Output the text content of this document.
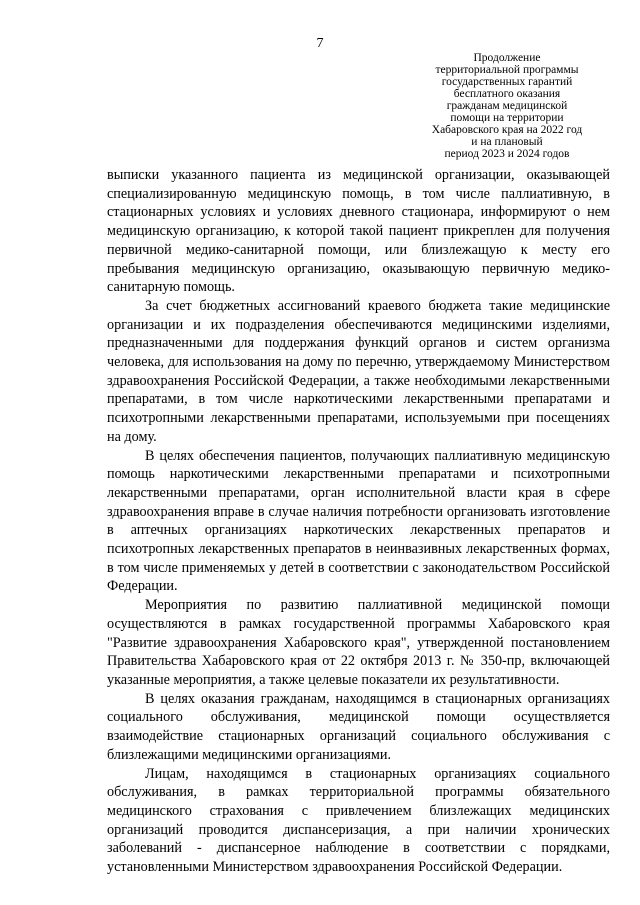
7
Продолжение
территориальной программы
государственных гарантий
бесплатного оказания
гражданам медицинской
помощи на территории
Хабаровского края на 2022 год
и на плановый
период 2023 и 2024 годов

выписки указанного пациента из медицинской организации, оказывающей специализированную медицинскую помощь, в том числе паллиативную, в стационарных условиях и условиях дневного стационара, информируют о нем медицинскую организацию, к которой такой пациент прикреплен для получения первичной медико-санитарной помощи, или близлежащую к месту его пребывания медицинскую организацию, оказывающую первичную медико-санитарную помощь.

За счет бюджетных ассигнований краевого бюджета такие медицинские организации и их подразделения обеспечиваются медицинскими изделиями, предназначенными для поддержания функций органов и систем организма человека, для использования на дому по перечню, утверждаемому Министерством здравоохранения Российской Федерации, а также необходимыми лекарственными препаратами, в том числе наркотическими лекарственными препаратами и психотропными лекарственными препаратами, используемыми при посещениях на дому.

В целях обеспечения пациентов, получающих паллиативную медицинскую помощь наркотическими лекарственными препаратами и психотропными лекарственными препаратами, орган исполнительной власти края в сфере здравоохранения вправе в случае наличия потребности организовать изготовление в аптечных организациях наркотических лекарственных препаратов и психотропных лекарственных препаратов в неинвазивных лекарственных формах, в том числе применяемых у детей в соответствии с законодательством Российской Федерации.

Мероприятия по развитию паллиативной медицинской помощи осуществляются в рамках государственной программы Хабаровского края "Развитие здравоохранения Хабаровского края", утвержденной постановлением Правительства Хабаровского края от 22 октября 2013 г. № 350-пр, включающей указанные мероприятия, а также целевые показатели их результативности.

В целях оказания гражданам, находящимся в стационарных организациях социального обслуживания, медицинской помощи осуществляется взаимодействие стационарных организаций социального обслуживания с близлежащими медицинскими организациями.

Лицам, находящимся в стационарных организациях социального обслуживания, в рамках территориальной программы обязательного медицинского страхования с привлечением близлежащих медицинских организаций проводится диспансеризация, а при наличии хронических заболеваний - диспансерное наблюдение в соответствии с порядками, установленными Министерством здравоохранения Российской Федерации.
